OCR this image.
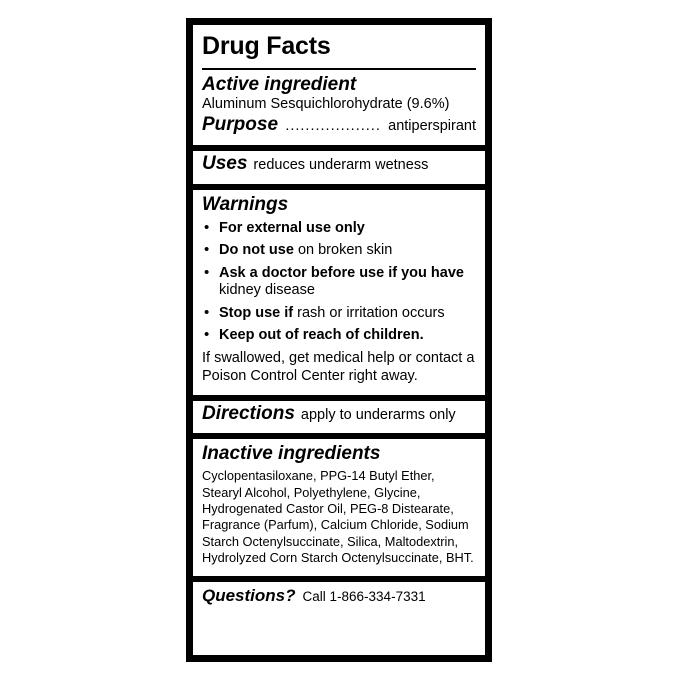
Drug Facts
Active ingredient
Aluminum Sesquichlorohydrate (9.6%)
Purpose ................... antiperspirant
Uses reduces underarm wetness
Warnings
• For external use only
• Do not use on broken skin
• Ask a doctor before use if you have
kidney disease
• Stop use if rash or irritation occurs
• Keep out of reach of children.
If swallowed, get medical help or contact a Poison Control Center right away.
Directions apply to underarms only
Inactive ingredients
Cyclopentasiloxane, PPG-14 Butyl Ether, Stearyl Alcohol, Polyethylene, Glycine, Hydrogenated Castor Oil, PEG-8 Distearate, Fragrance (Parfum), Calcium Chloride, Sodium Starch Octenylsuccinate, Silica, Maltodextrin, Hydrolyzed Corn Starch Octenylsuccinate, BHT.
Questions? Call 1-866-334-7331
